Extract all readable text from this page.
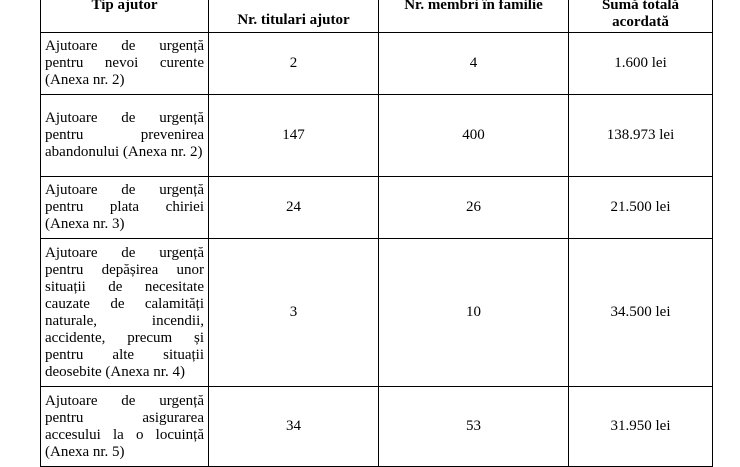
Tip ajutor	Nr. titulari ajutor	Nr. membri în familie	Sumă totală acordată
Ajutoare de urgență pentru nevoi curente (Anexa nr. 2)	2	4	1.600 lei
Ajutoare de urgență pentru prevenirea abandonului (Anexa nr. 2)	147	400	138.973 lei
Ajutoare de urgență pentru plata chiriei (Anexa nr. 3)	24	26	21.500 lei
Ajutoare de urgență pentru depășirea unor situații de necesitate cauzate de calamități naturale, incendii, accidente, precum și pentru alte situații deosebite (Anexa nr. 4)	3	10	34.500 lei
Ajutoare de urgență pentru asigurarea accesului la o locuință (Anexa nr. 5)	34	53	31.950 lei
